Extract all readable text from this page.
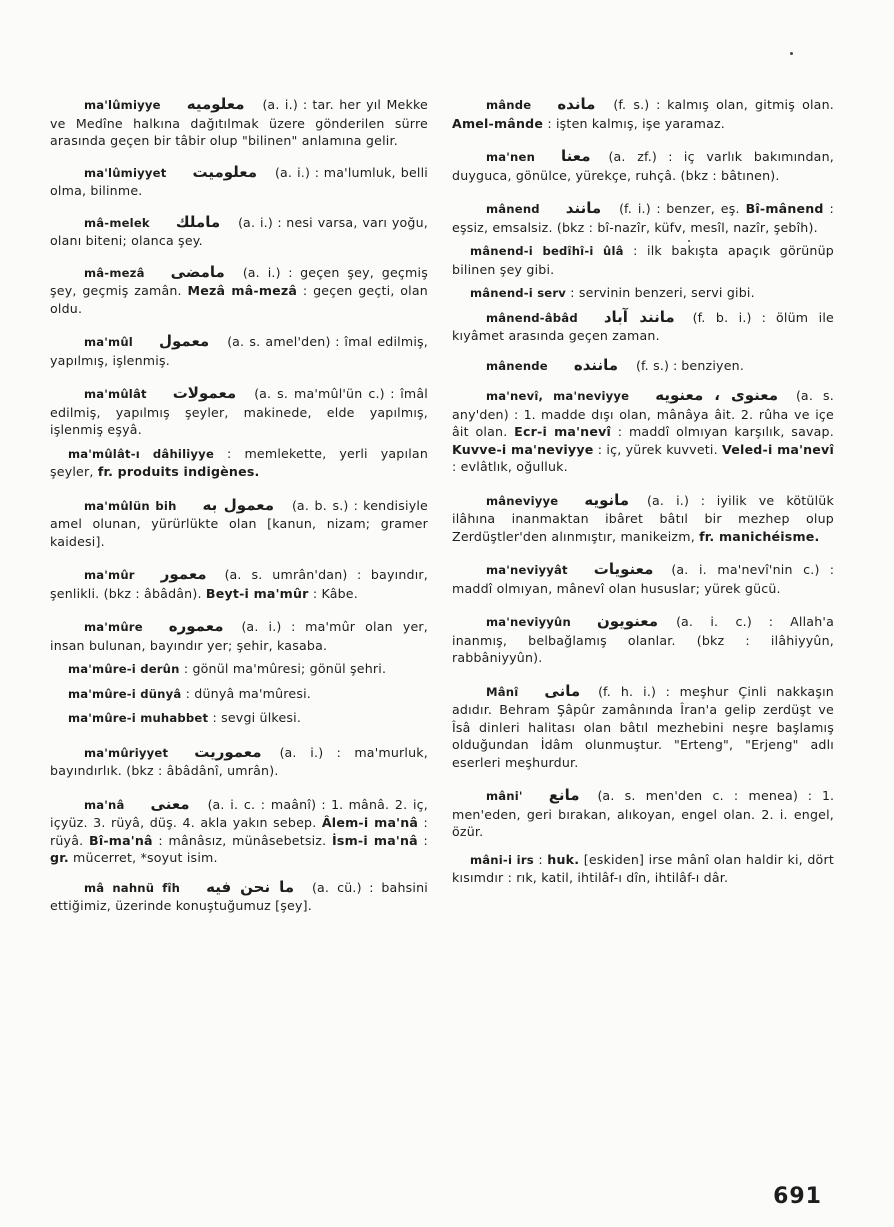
ma'lûmiyye معلومیه (a. i.) : tar. her yıl Mekke ve Medîne halkına dağıtılmak üzere gönderilen sürre arasında geçen bir tâbir olup "bilinen" anlamına gelir.

ma'lûmiyyet معلومیت (a. i.) : ma'lumluk, belli olma, bilinme.

mâ-melek ماملك (a. i.) : nesi varsa, varı yoğu, olanı biteni; olanca şey.

mâ-mezâ مامضى (a. i.) : geçen şey, geçmiş şey, geçmiş zamân. Mezâ mâ-mezâ : geçen geçti, olan oldu.

ma'mûl معمول (a. s. amel'den) : îmal edilmiş, yapılmış, işlenmiş.

ma'mûlât معمولات (a. s. ma'mûl'ün c.) : îmâl edilmiş, yapılmış şeyler, makinede, elde yapılmış, işlenmiş eşyâ.

ma'mûlât-ı dâhiliyye : memlekette, yerli yapılan şeyler, fr. produits indigènes.

ma'mûlün bih معمول به (a. b. s.) : kendisiyle amel olunan, yürürlükte olan [kanun, nizam; gramer kaidesi].

ma'mûr معمور (a. s. umrân'dan) : bayındır, şenlikli. (bkz : âbâdân). Beyt-i ma'mûr : Kâbe.

ma'mûre معموره (a. i.) : ma'mûr olan yer, insan bulunan, bayındır yer; şehir, kasaba.

ma'mûre-i derûn : gönül ma'mûresi; gönül şehri.

ma'mûre-i dünyâ : dünyâ ma'mûresi.

ma'mûre-i muhabbet : sevgi ülkesi.

ma'mûriyyet معموریت (a. i.) : ma'murluk, bayındırlık. (bkz : âbâdânî, umrân).

ma'nâ معنی (a. i. c. : maânî) : 1. mânâ. 2. iç, içyüz. 3. rüyâ, düş. 4. akla yakın sebep. Âlem-i ma'nâ : rüyâ. Bî-ma'nâ : mânâsız, münâsebetsiz. İsm-i ma'nâ : gr. mücerret, *soyut isim.

mâ nahnü fîh ما نحن فیه (a. cü.) : bahsini ettiğimiz, üzerinde konuştuğumuz [şey].

mânde مانده (f. s.) : kalmış olan, gitmiş olan. Amel-mânde : işten kalmış, işe yaramaz.

ma'nen معنا (a. zf.) : iç varlık bakımından, duyguca, gönülce, yürekçe, ruhçâ. (bkz : bâtınen).

mânend مانند (f. i.) : benzer, eş. Bî-mânend : eşsiz, emsalsiz. (bkz : bî-nazîr, küfv, mesîl, nazîr, şebîh).

mânend-i bedîhî-i ûlâ : ilk bakışta apaçık görünüp bilinen şey gibi.

mânend-i serv : servinin benzeri, servi gibi.

mânend-âbâd مانند آباد (f. b. i.) : ölüm ile kıyâmet arasında geçen zaman.

mânende ماننده (f. s.) : benziyen.

ma'nevî, ma'neviyye معنوی ، معنویه (a. s. any'den) : 1. madde dışı olan, mânâya âit. 2. rûha ve içe âit olan. Ecr-i ma'nevî : maddî olmıyan karşılık, savap. Kuvve-i ma'neviyye : iç, yürek kuvveti. Veled-i ma'nevî : evlâtlık, oğulluk.

mâneviyye مانویه (a. i.) : iyilik ve kötülük ilâhına inanmaktan ibâret bâtıl bir mezhep olup Zerdüştler'den alınmıştır, manikeizm, fr. manichéisme.

ma'neviyyât معنویات (a. i. ma'nevî'nin c.) : maddî olmıyan, mânevî olan hususlar; yürek gücü.

ma'neviyyûn معنویون (a. i. c.) : Allah'a inanmış, belbağlamış olanlar. (bkz : ilâhiyyûn, rabbâniyyûn).

Mânî مانی (f. h. i.) : meşhur Çinli nakkaşın adıdır. Behram Şâpûr zamânında Îran'a gelip zerdüşt ve Îsâ dinleri halitası olan bâtıl mezhebini neşre başlamış olduğundan İdâm olunmuştur. "Erteng", "Erjeng" adlı eserleri meşhurdur.

mâni' مانع (a. s. men'den c. : menea) : 1. men'eden, geri bırakan, alıkoyan, engel olan. 2. i. engel, özür.

mâni-i irs : huk. [eskiden] irse mânî olan haldir ki, dört kısımdır : rık, katil, ihtilâf-ı dîn, ihtilâf-ı dâr.

691
